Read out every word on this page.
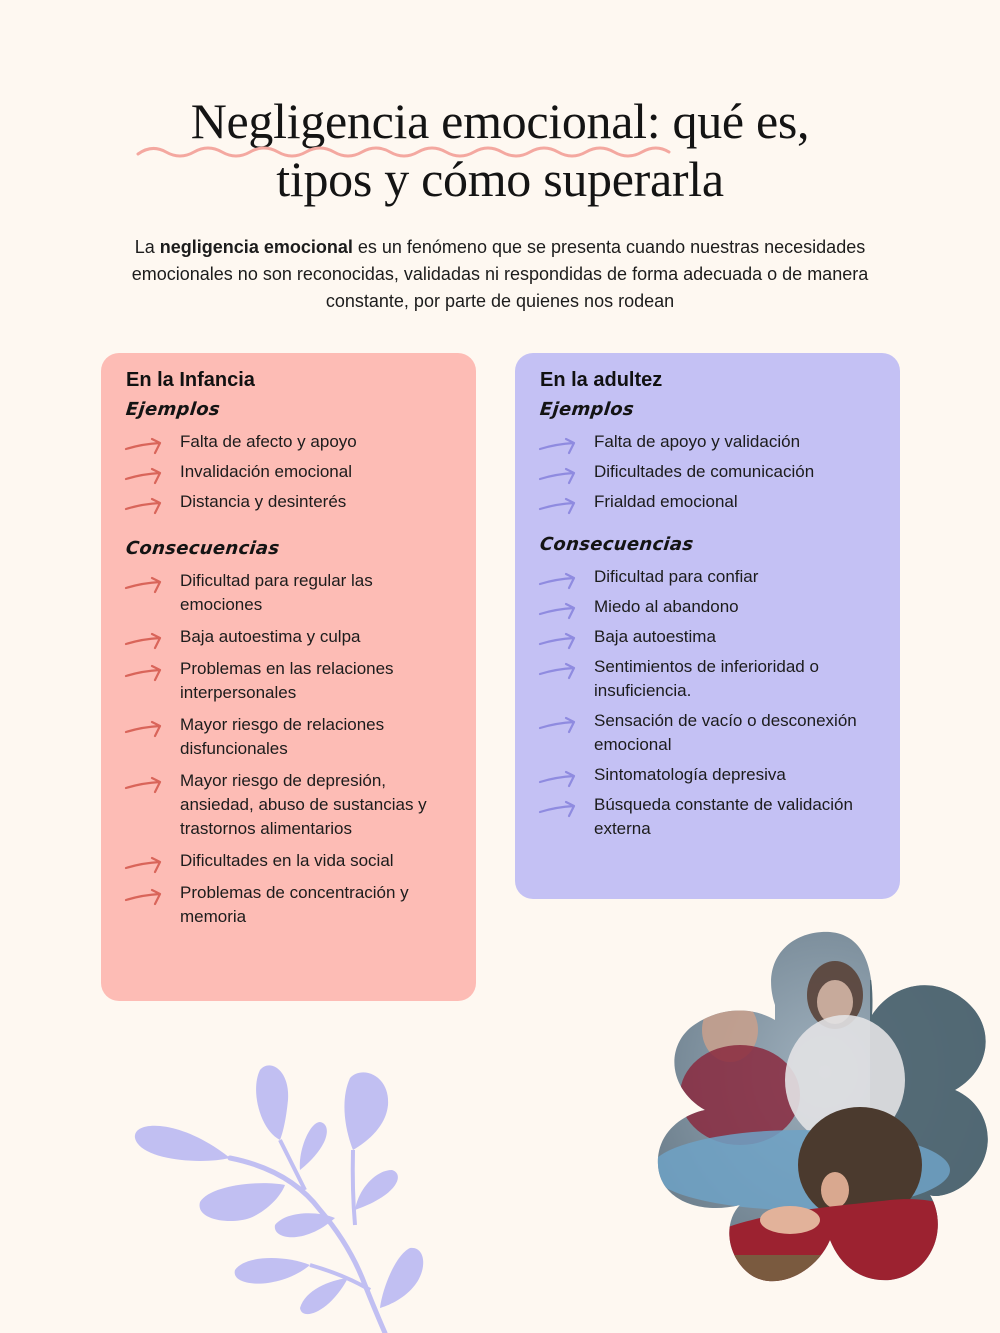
Negligencia emocional: qué es,
tipos y cómo superarla

La negligencia emocional es un fenómeno que se presenta cuando nuestras necesidades emocionales no son reconocidas, validadas ni respondidas de forma adecuada o de manera constante, por parte de quienes nos rodean

En la Infancia
Ejemplos
Falta de afecto y apoyo
Invalidación emocional
Distancia y desinterés
Consecuencias
Dificultad para regular las emociones
Baja autoestima y culpa
Problemas en las relaciones interpersonales
Mayor riesgo de relaciones disfuncionales
Mayor riesgo de depresión, ansiedad, abuso de sustancias y trastornos alimentarios
Dificultades en la vida social
Problemas de concentración y memoria
En la adultez
Ejemplos
Falta de apoyo y validación
Dificultades de comunicación
Frialdad emocional
Consecuencias
Dificultad para confiar
Miedo al abandono
Baja autoestima
Sentimientos de inferioridad o insuficiencia.
Sensación de vacío o desconexión emocional
Sintomatología depresiva
Búsqueda constante de validación externa
